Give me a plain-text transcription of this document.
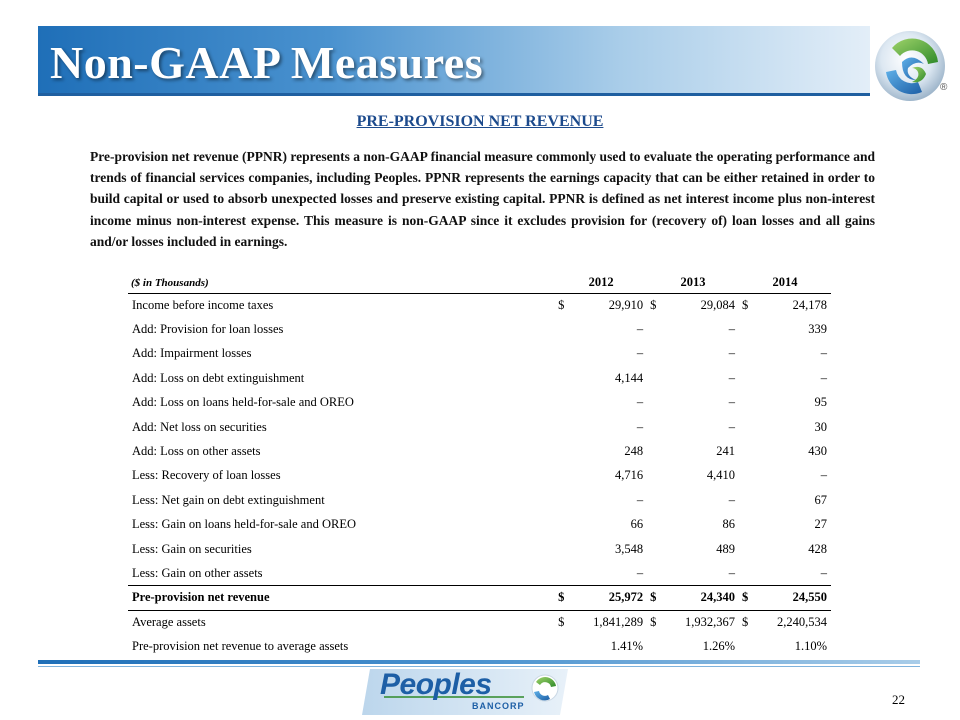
Non-GAAP Measures	®
PRE-PROVISION NET REVENUE

Pre-provision net revenue (PPNR) represents a non-GAAP financial measure commonly used to evaluate the operating performance and trends of financial services companies, including Peoples. PPNR represents the earnings capacity that can be either retained in order to build capital or used to absorb unexpected losses and preserve existing capital. PPNR is defined as net interest income plus non-interest income minus non-interest expense. This measure is non-GAAP since it excludes provision for (recovery of) loan losses and all gains and/or losses included in earnings.

($ in Thousands)	2012		2013		2014	
Income before income taxes	$	29,910	$	29,084	$	24,178
Add: Provision for loan losses		–		–		339
Add: Impairment losses		–		–		–
Add: Loss on debt extinguishment		4,144		–		–
Add: Loss on loans held-for-sale and OREO		–		–		95
Add: Net loss on securities		–		–		30
Add: Loss on other assets		248		241		430
Less: Recovery of loan losses		4,716		4,410		–
Less: Net gain on debt extinguishment		–		–		67
Less: Gain on loans held-for-sale and OREO		66		86		27
Less: Gain on securities		3,548		489		428
Less: Gain on other assets		–		–		–
Pre-provision net revenue	$	25,972	$	24,340	$	24,550
Average assets	$	1,841,289	$	1,932,367	$	2,240,534
Pre-provision net revenue to average assets		1.41%		1.26%		1.10%
Peoples
BANCORP	22
